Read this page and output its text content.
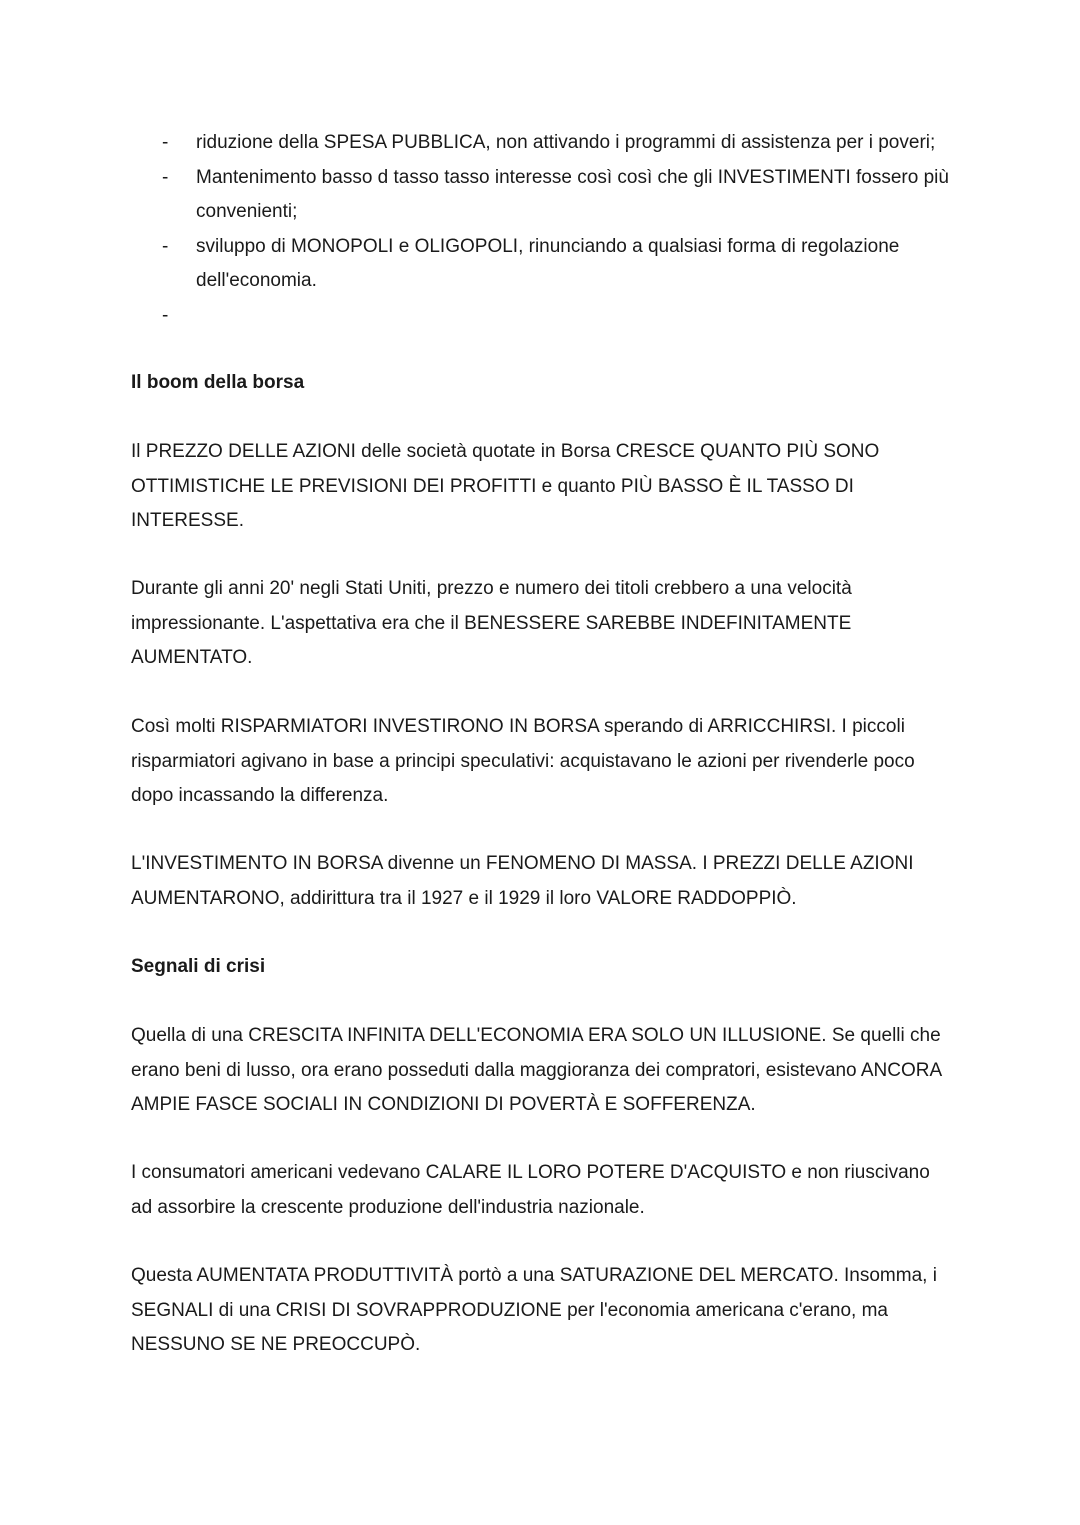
- riduzione della SPESA PUBBLICA, non attivando i programmi di assistenza per i poveri;
- Mantenimento basso d tasso tasso interesse così così che gli INVESTIMENTI fossero più convenienti;
- sviluppo di MONOPOLI e OLIGOPOLI, rinunciando a qualsiasi forma di regolazione dell'economia.
-

Il boom della borsa

Il PREZZO DELLE AZIONI delle società quotate in Borsa CRESCE QUANTO PIÙ SONO OTTIMISTICHE LE PREVISIONI DEI PROFITTI e quanto PIÙ BASSO È IL TASSO DI INTERESSE.

Durante gli anni 20' negli Stati Uniti, prezzo e numero dei titoli crebbero a una velocità impressionante. L'aspettativa era che il BENESSERE SAREBBE INDEFINITAMENTE AUMENTATO.

Così molti RISPARMIATORI INVESTIRONO IN BORSA sperando di ARRICCHIRSI. I piccoli risparmiatori agivano in base a principi speculativi: acquistavano le azioni per rivenderle poco dopo incassando la differenza.

L'INVESTIMENTO IN BORSA divenne un FENOMENO DI MASSA. I PREZZI DELLE AZIONI AUMENTARONO, addirittura tra il 1927 e il 1929 il loro VALORE RADDOPPIÒ.

Segnali di crisi

Quella di una CRESCITA INFINITA DELL'ECONOMIA ERA SOLO UN ILLUSIONE. Se quelli che erano beni di lusso, ora erano posseduti dalla maggioranza dei compratori, esistevano ANCORA AMPIE FASCE SOCIALI IN CONDIZIONI DI POVERTÀ E SOFFERENZA.

I consumatori americani vedevano CALARE IL LORO POTERE D'ACQUISTO e non riuscivano ad assorbire la crescente produzione dell'industria nazionale.

Questa AUMENTATA PRODUTTIVITÀ portò a una SATURAZIONE DEL MERCATO. Insomma, i SEGNALI di una CRISI DI SOVRAPPRODUZIONE per l'economia americana c'erano, ma NESSUNO SE NE PREOCCUPÒ.
